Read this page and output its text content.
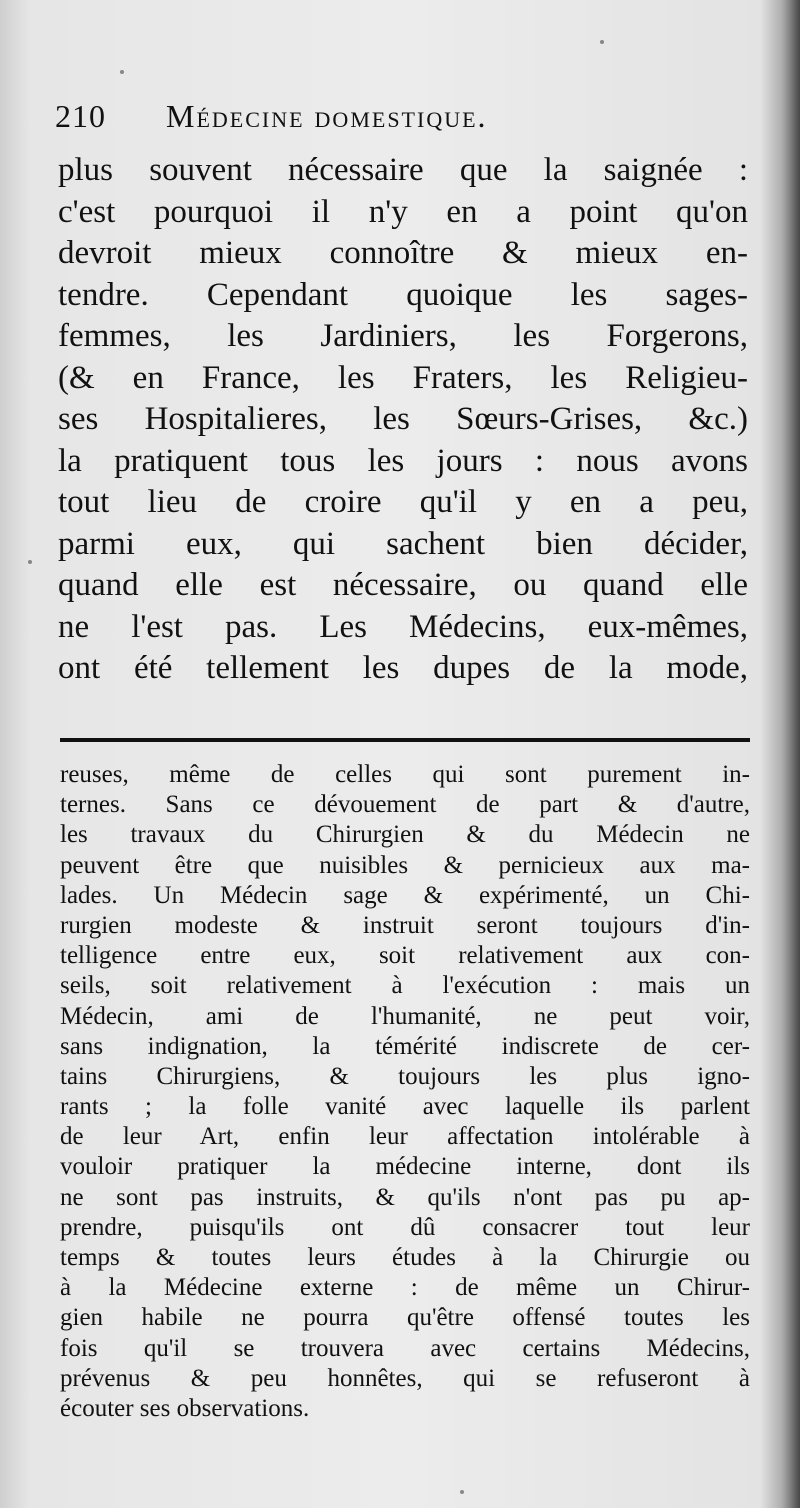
210 Médecine domestique.
plus souvent nécessaire que la saignée :
c'est pourquoi il n'y en a point qu'on
devroit mieux connoître & mieux en-
tendre. Cependant quoique les sages-
femmes, les Jardiniers, les Forgerons,
(& en France, les Fraters, les Religieu-
ses Hospitalieres, les Sœurs-Grises, &c.)
la pratiquent tous les jours : nous avons
tout lieu de croire qu'il y en a peu,
parmi eux, qui sachent bien décider,
quand elle est nécessaire, ou quand elle
ne l'est pas. Les Médecins, eux-mêmes,
ont été tellement les dupes de la mode,
reuses, même de celles qui sont purement in-
ternes. Sans ce dévouement de part & d'autre,
les travaux du Chirurgien & du Médecin ne
peuvent être que nuisibles & pernicieux aux ma-
lades. Un Médecin sage & expérimenté, un Chi-
rurgien modeste & instruit seront toujours d'in-
telligence entre eux, soit relativement aux con-
seils, soit relativement à l'exécution : mais un
Médecin, ami de l'humanité, ne peut voir,
sans indignation, la témérité indiscrete de cer-
tains Chirurgiens, & toujours les plus igno-
rants ; la folle vanité avec laquelle ils parlent
de leur Art, enfin leur affectation intolérable à
vouloir pratiquer la médecine interne, dont ils
ne sont pas instruits, & qu'ils n'ont pas pu ap-
prendre, puisqu'ils ont dû consacrer tout leur
temps & toutes leurs études à la Chirurgie ou
à la Médecine externe : de même un Chirur-
gien habile ne pourra qu'être offensé toutes les
fois qu'il se trouvera avec certains Médecins,
prévenus & peu honnêtes, qui se refuseront à
écouter ses observations.
